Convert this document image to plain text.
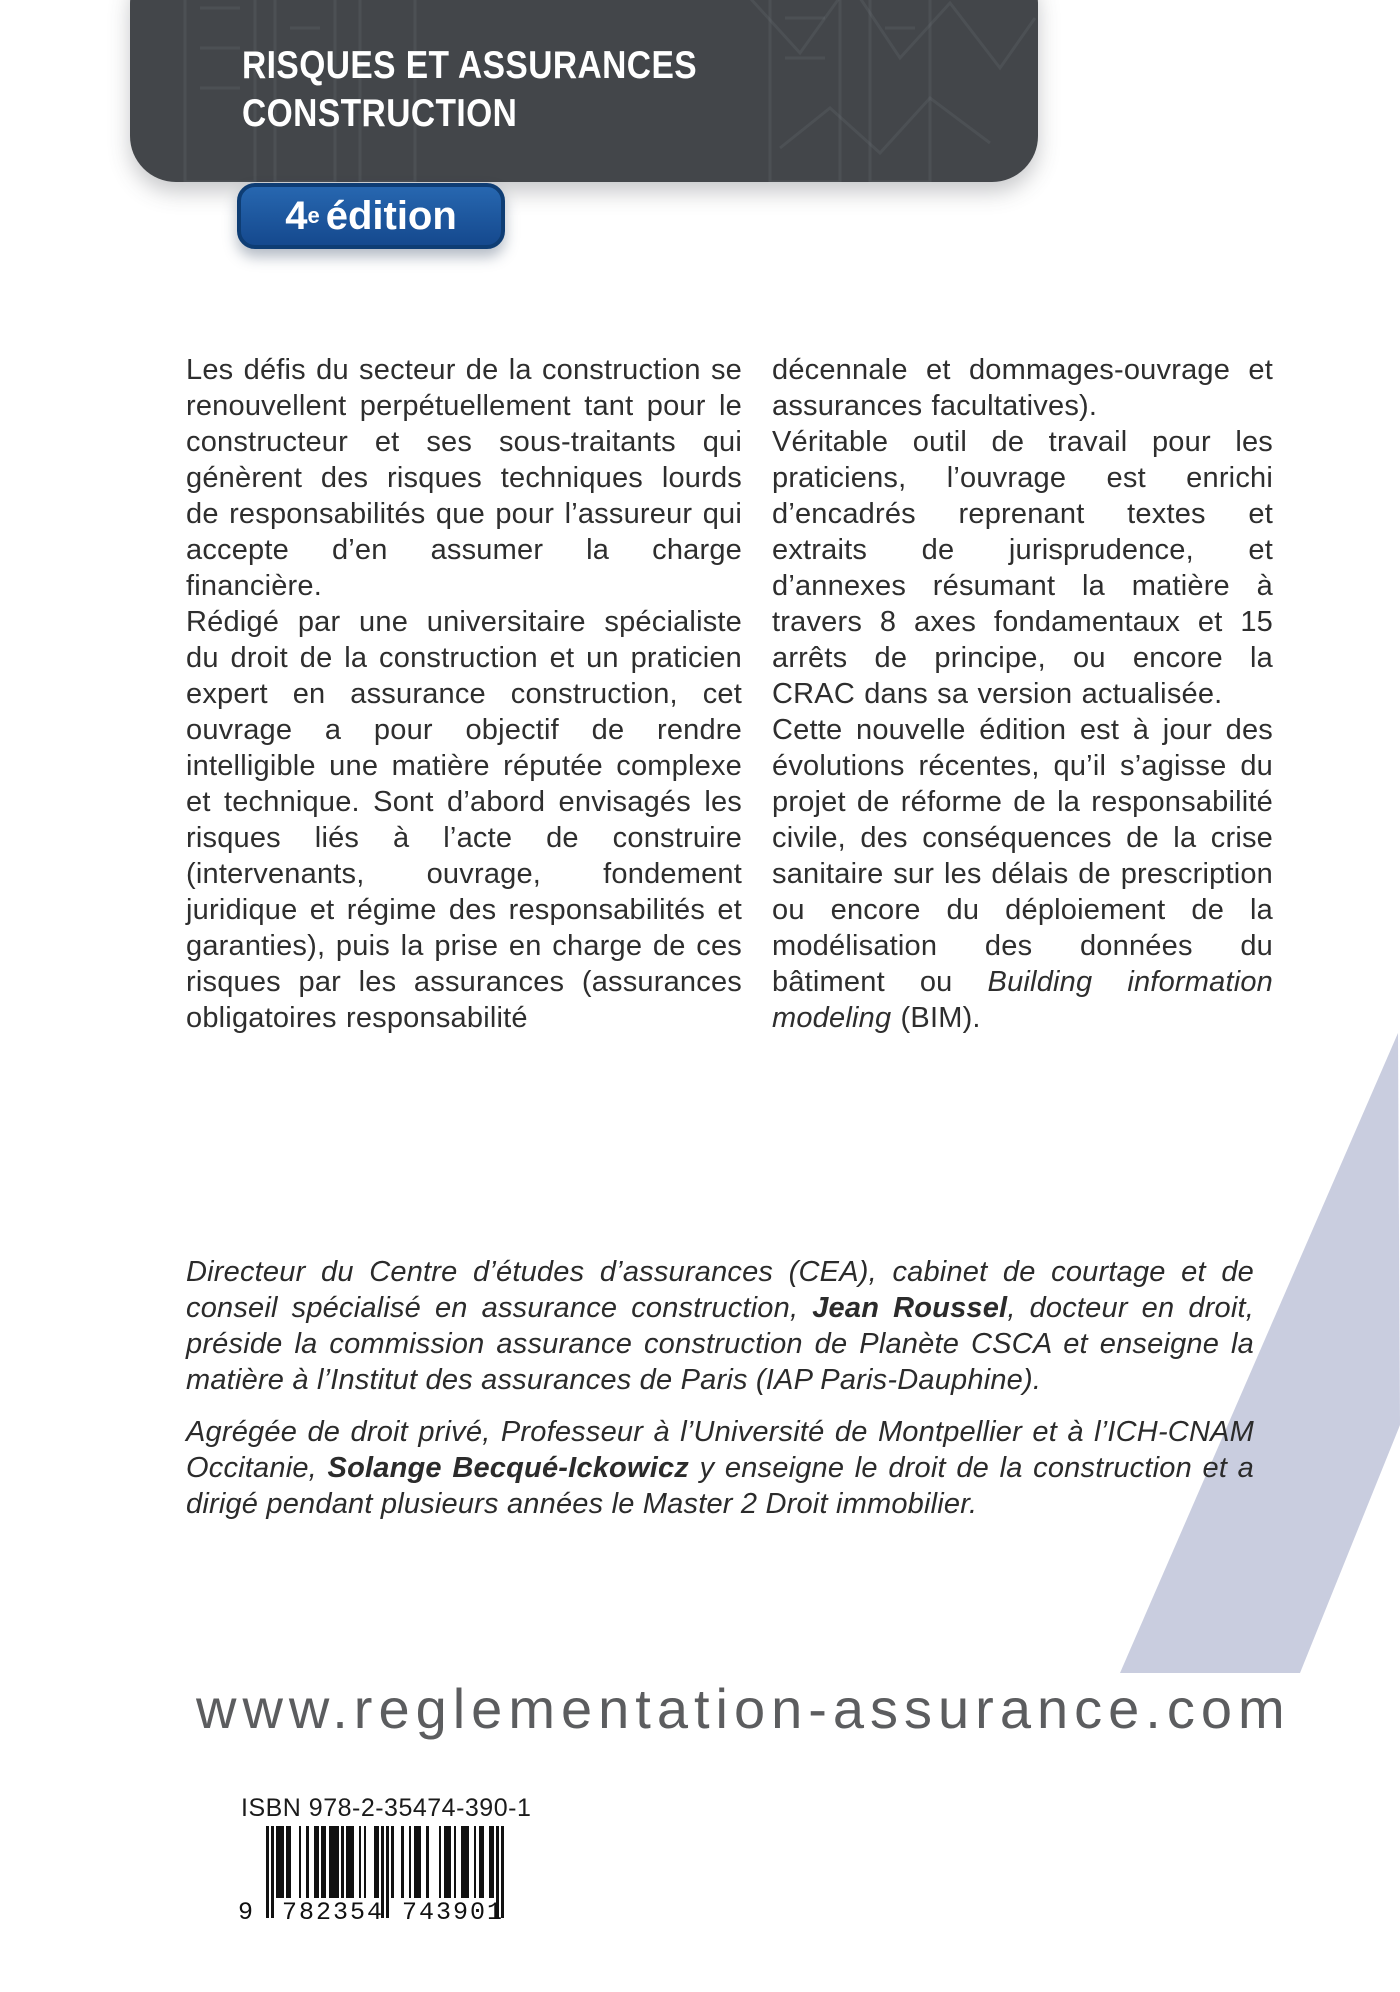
RISQUES ET ASSURANCES
CONSTRUCTION
4 e édition

Les défis du secteur de la construction se renouvellent perpétuellement tant pour le constructeur et ses sous-traitants qui génèrent des risques techniques lourds de responsabilités que pour l’assureur qui accepte d’en assumer la charge financière.

Rédigé par une universitaire spécialiste du droit de la construction et un praticien expert en assurance construction, cet ouvrage a pour objectif de rendre intelligible une matière réputée complexe et technique. Sont d’abord envisagés les risques liés à l’acte de construire (intervenants, ouvrage, fondement juridique et régime des responsabilités et garanties), puis la prise en charge de ces risques par les assurances (assurances obligatoires responsabilité

décennale et dommages-ouvrage et assurances facultatives).

Véritable outil de travail pour les praticiens, l’ouvrage est enrichi d’encadrés reprenant textes et extraits de jurisprudence, et d’annexes résumant la matière à travers 8 axes fondamentaux et 15 arrêts de principe, ou encore la CRAC dans sa version actualisée.

Cette nouvelle édition est à jour des évolutions récentes, qu’il s’agisse du projet de réforme de la responsabilité civile, des conséquences de la crise sanitaire sur les délais de prescription ou encore du déploiement de la modélisation des données du bâtiment ou Building information modeling (BIM).

Directeur du Centre d’études d’assurances (CEA), cabinet de courtage et de conseil spécialisé en assurance construction, Jean Roussel, docteur en droit, préside la commission assurance construction de Planète CSCA et enseigne la matière à l’Institut des assurances de Paris (IAP Paris-Dauphine).

Agrégée de droit privé, Professeur à l’Université de Montpellier et à l’ICH-CNAM Occitanie, Solange Becqué-Ickowicz y enseigne le droit de la construction et a dirigé pendant plusieurs années le Master 2 Droit immobilier.

www.reglementation-assurance.com
ISBN 978-2-35474-390-1
9 782354 743901
